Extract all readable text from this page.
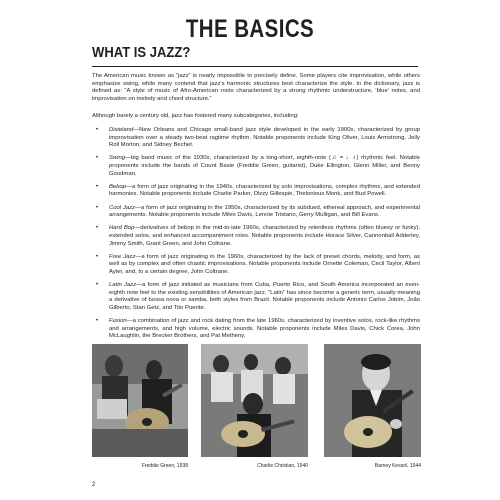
THE BASICS
WHAT IS JAZZ?

The American music known as “jazz” is nearly impossible to precisely define. Some players cite improvisation, while others emphasize swing, while many contend that jazz’s harmonic structures best characterize the style. In the dictionary, jazz is defined as: “A style of music of Afro-American roots characterized by a strong rhythmic understructure, ‘blue’ notes, and improvisation on melody and chord structure.”

Although barely a century old, jazz has fostered many subcategories, including:

• Dixieland—New Orleans and Chicago small-band jazz style developed in the early 1900s, characterized by group improvisation over a steady two-beat ragtime rhythm. Notable proponents include King Oliver, Louis Armstrong, Jelly Roll Morton, and Sidney Bechet.
• Swing—big band music of the 1930s, characterized by a long-short, eighth-note (♫ = ♩♪) rhythmic feel. Notable proponents include the bands of Count Basie (Freddie Green, guitarist), Duke Ellington, Glenn Miller, and Benny Goodman.
• Bebop—a form of jazz originating in the 1940s, characterized by solo improvisations, complex rhythms, and extended harmonies. Notable proponents include Charlie Parker, Dizzy Gillespie, Thelonious Monk, and Bud Powell.
• Cool Jazz—a form of jazz originating in the 1950s, characterized by its subdued, ethereal approach, and experimental arrangements. Notable proponents include Miles Davis, Lennie Tristano, Gerry Mulligan, and Bill Evans.
• Hard Bop—derivatives of bebop in the mid-to-late 1960s, characterized by relentless rhythms (often bluesy or funky), extended solos, and enhanced accompaniment roles. Notable proponents include Horace Silver, Cannonball Adderley, Jimmy Smith, Grant Green, and John Coltrane.
• Free Jazz—a form of jazz originating in the 1960s, characterized by the lack of preset chords, melody, and form, as well as by complex and often chaotic improvisations. Notable proponents include Ornette Coleman, Cecil Taylor, Albert Ayler, and, to a certain degree, John Coltrane.
• Latin Jazz—a form of jazz initiated as musicians from Cuba, Puerto Rico, and South America incorporated an even-eighth note feel to the existing sensibilities of American jazz. “Latin” has since become a generic term, usually meaning a derivative of bossa nova or samba, both styles from Brazil. Notable proponents include Antonio Carlos Jobim, João Gilberto, Stan Getz, and Tito Puente.
• Fusion—a combination of jazz and rock dating from the late 1960s, characterized by inventive solos, rock-like rhythms and arrangements, and high volume, electric sounds. Notable proponents include Miles Davis, Chick Corea, John McLaughlin, the Brecker Brothers, and Pat Metheny.
Freddie Green, 1938	Charlie Christian, 1940	Barney Kessel, 1944
2
